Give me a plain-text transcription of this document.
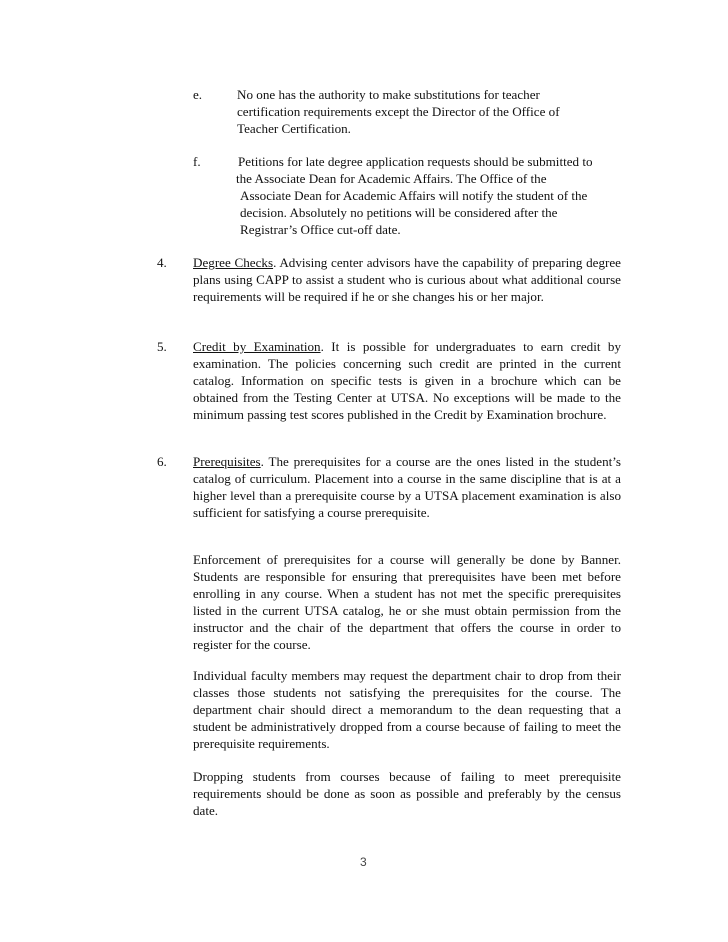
e.	No one has the authority to make substitutions for teacher
certification requirements except the Director of the Office of
Teacher Certification.
f.	Petitions for late degree application requests should be submitted to
the Associate Dean for Academic Affairs. The Office of the
Associate Dean for Academic Affairs will notify the student of the
decision. Absolutely no petitions will be considered after the
Registrar’s Office cut-off date.
4. Degree Checks. Advising center advisors have the capability of preparing degree plans using CAPP to assist a student who is curious about what additional course requirements will be required if he or she changes his or her major.
5. Credit by Examination. It is possible for undergraduates to earn credit by examination. The policies concerning such credit are printed in the current catalog. Information on specific tests is given in a brochure which can be obtained from the Testing Center at UTSA. No exceptions will be made to the minimum passing test scores published in the Credit by Examination brochure.
6. Prerequisites. The prerequisites for a course are the ones listed in the student’s catalog of curriculum. Placement into a course in the same discipline that is at a higher level than a prerequisite course by a UTSA placement examination is also sufficient for satisfying a course prerequisite.
Enforcement of prerequisites for a course will generally be done by Banner. Students are responsible for ensuring that prerequisites have been met before enrolling in any course. When a student has not met the specific prerequisites listed in the current UTSA catalog, he or she must obtain permission from the instructor and the chair of the department that offers the course in order to register for the course.
Individual faculty members may request the department chair to drop from their classes those students not satisfying the prerequisites for the course. The department chair should direct a memorandum to the dean requesting that a student be administratively dropped from a course because of failing to meet the prerequisite requirements.
Dropping students from courses because of failing to meet prerequisite requirements should be done as soon as possible and preferably by the census date.
3
